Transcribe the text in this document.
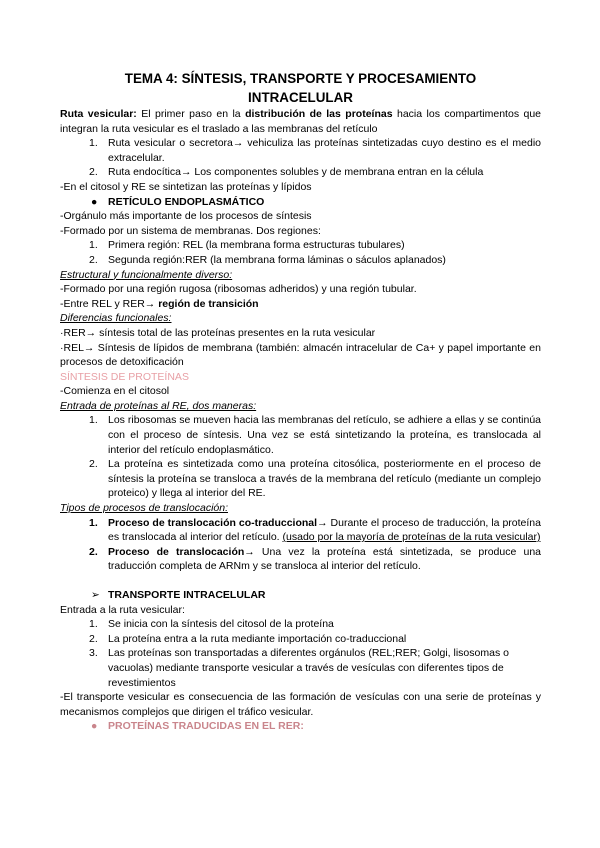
TEMA 4: SÍNTESIS, TRANSPORTE Y PROCESAMIENTO
INTRACELULAR

Ruta vesicular: El primer paso en la distribución de las proteínas hacia los compartimentos que integran la ruta vesicular es el traslado a las membranas del retículo

1. Ruta vesicular o secretora→ vehiculiza las proteínas sintetizadas cuyo destino es el medio extracelular.
2. Ruta endocítica→ Los componentes solubles y de membrana entran en la célula

-En el citosol y RE se sintetizan las proteínas y lípidos

● RETÍCULO ENDOPLASMÁTICO

-Orgánulo más importante de los procesos de síntesis

-Formado por un sistema de membranas. Dos regiones:

1. Primera región: REL (la membrana forma estructuras tubulares)
2. Segunda región:RER (la membrana forma láminas o sáculos aplanados)

Estructural y funcionalmente diverso:

-Formado por una región rugosa (ribosomas adheridos) y una región tubular.

-Entre REL y RER→ región de transición

Diferencias funcionales:

·RER→ síntesis total de las proteínas presentes en la ruta vesicular

·REL→ Síntesis de lípidos de membrana (también: almacén intracelular de Ca+ y papel importante en procesos de detoxificación

SÍNTESIS DE PROTEÍNAS

-Comienza en el citosol

Entrada de proteínas al RE, dos maneras:

1. Los ribosomas se mueven hacia las membranas del retículo, se adhiere a ellas y se continúa con el proceso de síntesis. Una vez se está sintetizando la proteína, es translocada al interior del retículo endoplasmático.
2. La proteína es sintetizada como una proteína citosólica, posteriormente en el proceso de síntesis la proteína se transloca a través de la membrana del retículo (mediante un complejo proteico) y llega al interior del RE.

Tipos de procesos de translocación:

1. Proceso de translocación co-traduccional→ Durante el proceso de traducción, la proteína es translocada al interior del retículo. (usado por la mayoría de proteínas de la ruta vesicular)
2. Proceso de translocación→ Una vez la proteína está sintetizada, se produce una traducción completa de ARNm y se transloca al interior del retículo.
➢ TRANSPORTE INTRACELULAR

Entrada a la ruta vesicular:

1. Se inicia con la síntesis del citosol de la proteína
2. La proteína entra a la ruta mediante importación co-traduccional
3. Las proteínas son transportadas a diferentes orgánulos (REL;RER; Golgi, lisosomas o vacuolas) mediante transporte vesicular a través de vesículas con diferentes tipos de revestimientos

-El transporte vesicular es consecuencia de las formación de vesículas con una serie de proteínas y mecanismos complejos que dirigen el tráfico vesicular.

● PROTEÍNAS TRADUCIDAS EN EL RER:
